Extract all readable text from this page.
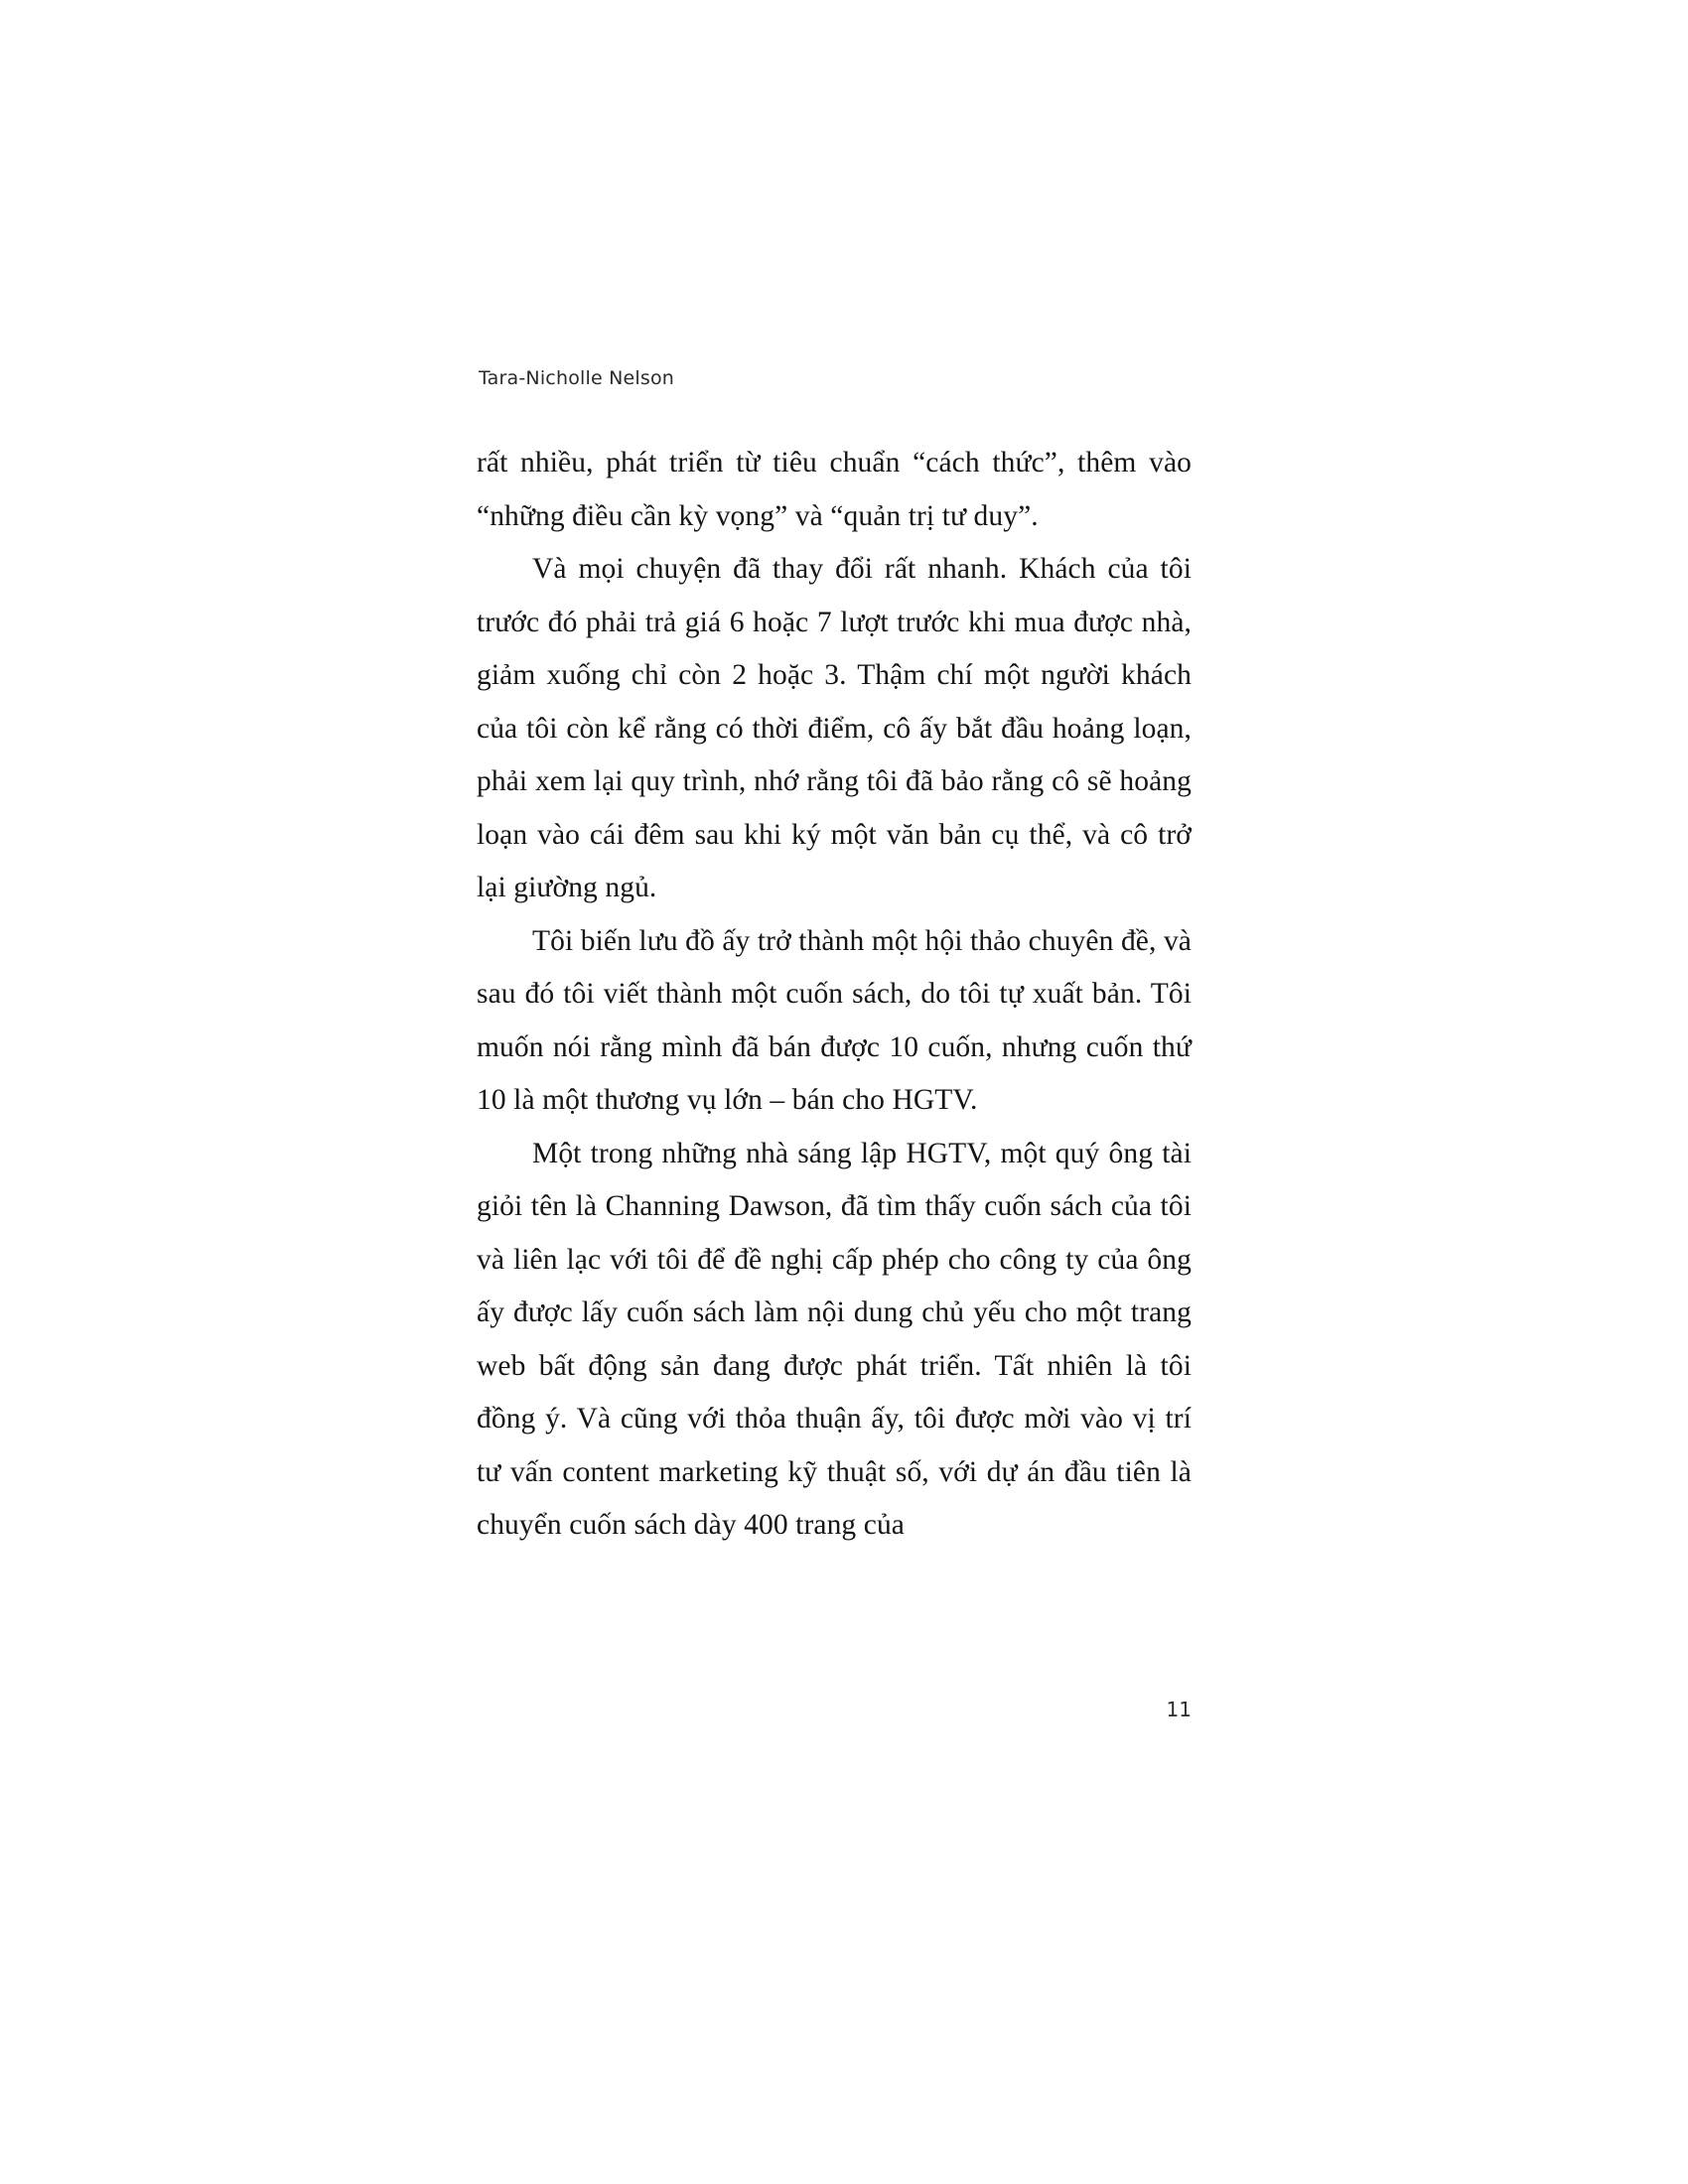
Tara-Nicholle Nelson

rất nhiều, phát triển từ tiêu chuẩn “cách thức”, thêm vào “những điều cần kỳ vọng” và “quản trị tư duy”.

Và mọi chuyện đã thay đổi rất nhanh. Khách của tôi trước đó phải trả giá 6 hoặc 7 lượt trước khi mua được nhà, giảm xuống chỉ còn 2 hoặc 3. Thậm chí một người khách của tôi còn kể rằng có thời điểm, cô ấy bắt đầu hoảng loạn, phải xem lại quy trình, nhớ rằng tôi đã bảo rằng cô sẽ hoảng loạn vào cái đêm sau khi ký một văn bản cụ thể, và cô trở lại giường ngủ.

Tôi biến lưu đồ ấy trở thành một hội thảo chuyên đề, và sau đó tôi viết thành một cuốn sách, do tôi tự xuất bản. Tôi muốn nói rằng mình đã bán được 10 cuốn, nhưng cuốn thứ 10 là một thương vụ lớn – bán cho HGTV.

Một trong những nhà sáng lập HGTV, một quý ông tài giỏi tên là Channing Dawson, đã tìm thấy cuốn sách của tôi và liên lạc với tôi để đề nghị cấp phép cho công ty của ông ấy được lấy cuốn sách làm nội dung chủ yếu cho một trang web bất động sản đang được phát triển. Tất nhiên là tôi đồng ý. Và cũng với thỏa thuận ấy, tôi được mời vào vị trí tư vấn content marketing kỹ thuật số, với dự án đầu tiên là chuyển cuốn sách dày 400 trang của

11
